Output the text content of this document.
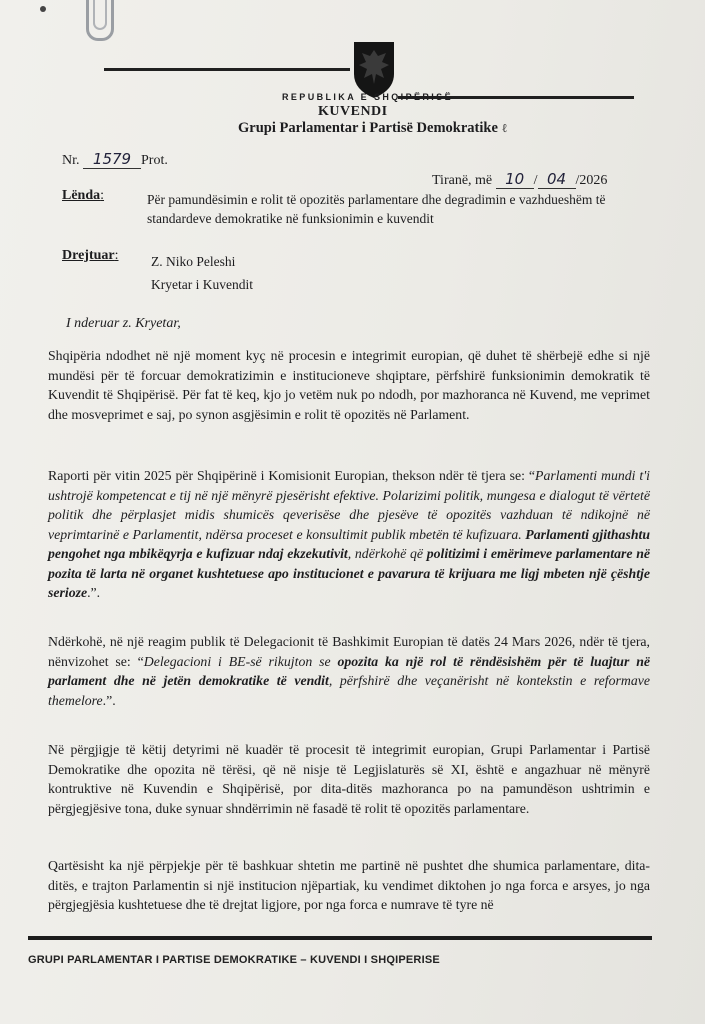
REPUBLIKA E SHQIPËRISË
KUVENDI
Grupi Parlamentar i Partisë Demokratike ℓ
Nr. 1579 Prot.
Tiranë, më 10 / 04 /2026
Lënda:	Për pamundësimin e rolit të opozitës parlamentare dhe degradimin e vazhdueshëm të standardeve demokratike në funksionimin e kuvendit
Drejtuar: Z. Niko Peleshi
Kryetar i Kuvendit
I nderuar z. Kryetar,
Shqipëria ndodhet në një moment kyç në procesin e integrimit europian, që duhet të shërbejë edhe si një mundësi për të forcuar demokratizimin e institucioneve shqiptare, përfshirë funksionimin demokratik të Kuvendit të Shqipërisë. Për fat të keq, kjo jo vetëm nuk po ndodh, por mazhoranca në Kuvend, me veprimet dhe mosveprimet e saj, po synon asgjësimin e rolit të opozitës në Parlament.
Raporti për vitin 2025 për Shqipërinë i Komisionit Europian, thekson ndër të tjera se: “Parlamenti mundi t'i ushtrojë kompetencat e tij në një mënyrë pjesërisht efektive. Polarizimi politik, mungesa e dialogut të vërtetë politik dhe përplasjet midis shumicës qeverisëse dhe pjesëve të opozitës vazhduan të ndikojnë në veprimtarinë e Parlamentit, ndërsa proceset e konsultimit publik mbetën të kufizuara. Parlamenti gjithashtu pengohet nga mbikëqyrja e kufizuar ndaj ekzekutivit, ndërkohë që politizimi i emërimeve parlamentare në pozita të larta në organet kushtetuese apo institucionet e pavarura të krijuara me ligj mbeten një çështje serioze.”.
Ndërkohë, në një reagim publik të Delegacionit të Bashkimit Europian të datës 24 Mars 2026, ndër të tjera, nënvizohet se: “Delegacioni i BE-së rikujton se opozita ka një rol të rëndësishëm për të luajtur në parlament dhe në jetën demokratike të vendit, përfshirë dhe veçanërisht në kontekstin e reformave themelore.”.
Në përgjigje të këtij detyrimi në kuadër të procesit të integrimit europian, Grupi Parlamentar i Partisë Demokratike dhe opozita në tërësi, që në nisje të Legjislaturës së XI, është e angazhuar në mënyrë kontruktive në Kuvendin e Shqipërisë, por dita-ditës mazhoranca po na pamundëson ushtrimin e përgjegjësive tona, duke synuar shndërrimin në fasadë të rolit të opozitës parlamentare.
Qartësisht ka një përpjekje për të bashkuar shtetin me partinë në pushtet dhe shumica parlamentare, dita-ditës, e trajton Parlamentin si një institucion njëpartiak, ku vendimet diktohen jo nga forca e arsyes, jo nga përgjegjësia kushtetuese dhe të drejtat ligjore, por nga forca e numrave të tyre në
GRUPI PARLAMENTAR I PARTISE DEMOKRATIKE – KUVENDI I SHQIPERISE
